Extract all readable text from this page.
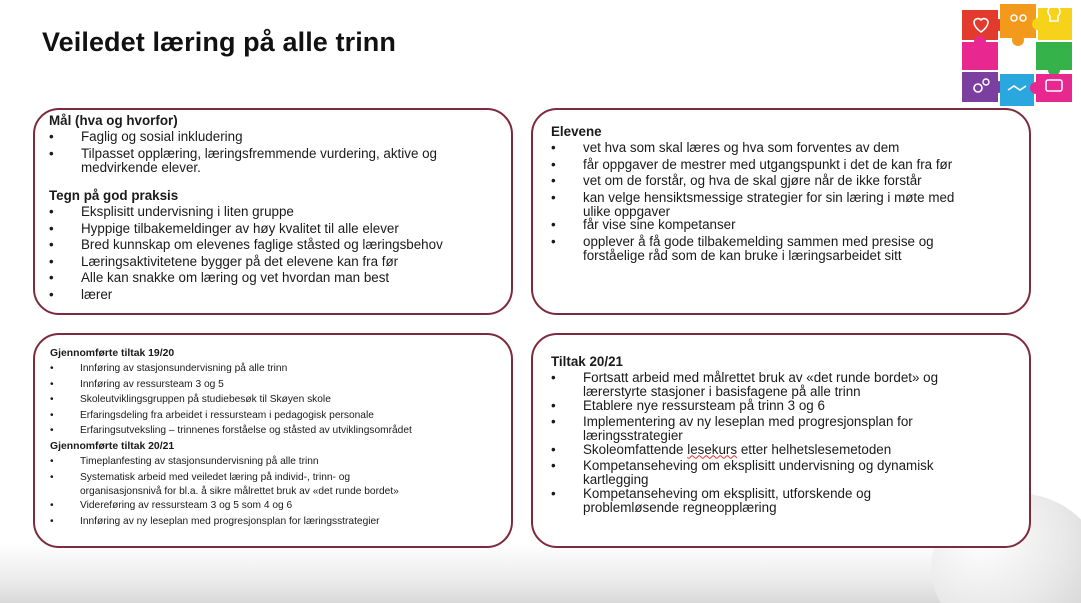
Veiledet læring på alle trinn

Mål (hva og hvorfor)

• Faglig og sosial inkludering
• Tilpasset opplæring, læringsfremmende vurdering, aktive og
medvirkende elever.

Tegn på god praksis

• Eksplisitt undervisning i liten gruppe
• Hyppige tilbakemeldinger av høy kvalitet til alle elever
• Bred kunnskap om elevenes faglige ståsted og læringsbehov
• Læringsaktivitetene bygger på det elevene kan fra før
• Alle kan snakke om læring og vet hvordan man best
• lærer

Elevene

• vet hva som skal læres og hva som forventes av dem
• får oppgaver de mestrer med utgangspunkt i det de kan fra før
• vet om de forstår, og hva de skal gjøre når de ikke forstår
• kan velge hensiktsmessige strategier for sin læring i møte med
ulike oppgaver
• får vise sine kompetanser
• opplever å få gode tilbakemelding sammen med presise og
forståelige råd som de kan bruke i læringsarbeidet sitt

Gjennomførte tiltak 19/20

• Innføring av stasjonsundervisning på alle trinn
• Innføring av ressursteam 3 og 5
• Skoleutviklingsgruppen på studiebesøk til Skøyen skole
• Erfaringsdeling fra arbeidet i ressursteam i pedagogisk personale
• Erfaringsutveksling – trinnenes forståelse og ståsted av utviklingsområdet

Gjennomførte tiltak 20/21

• Timeplanfesting av stasjonsundervisning på alle trinn
• Systematisk arbeid med veiledet læring på individ-, trinn- og
organisasjonsnivå for bl.a. å sikre målrettet bruk av «det runde bordet»
• Videreføring av ressursteam 3 og 5 som 4 og 6
• Innføring av ny leseplan med progresjonsplan for læringsstrategier

Tiltak 20/21

• Fortsatt arbeid med målrettet bruk av «det runde bordet» og
lærerstyrte stasjoner i basisfagene på alle trinn
• Etablere nye ressursteam på trinn 3 og 6
• Implementering av ny leseplan med progresjonsplan for
læringsstrategier
• Skoleomfattende lesekurs etter helhetslesemetoden
• Kompetanseheving om eksplisitt undervisning og dynamisk
kartlegging
• Kompetanseheving om eksplisitt, utforskende og
problemløsende regneopplæring
